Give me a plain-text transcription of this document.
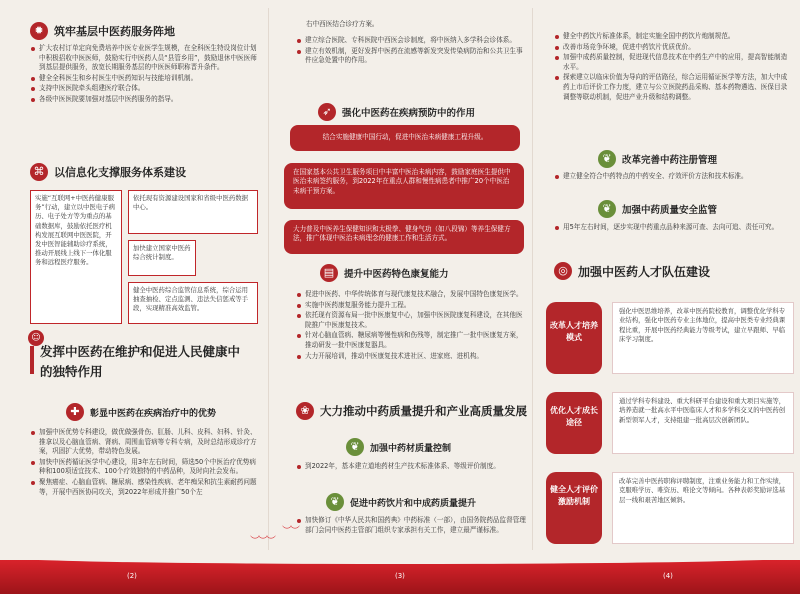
✹ 筑牢基层中医药服务阵地
扩大农村订单定向免费培养中医专业医学生规模，在全科医生特设岗位计划中积极招收中医医师，鼓励实行中医药人员“县管乡用”，鼓励退休中医医师到基层提供服务，放宽长期服务基层的中医医师职称晋升条件。
健全全科医生和乡村医生中医药知识与技能培训机制。
支持中医医院牵头组建医疗联合体。
各级中医医院要加强对基层中医药服务的指导。
⌘ 以信息化支撑服务体系建设
实施“互联网+中医药健康服务”行动，建立以中医电子病历、电子处方等为重点的基础数据库，鼓励依托医疗机构发展互联网中医医院，开发中医智能辅助诊疗系统，推动开展线上线下一体化服务和远程医疗服务。
依托现有资源建设国家和省级中医药数据中心。
加快建立国家中医药综合统计制度。
健全中医药综合监管信息系统，综合运用抽查抽检、定点监测、违法失信惩戒等手段，实现精准高效监管。
☺
发挥中医药在维护和促进人民健康中
的独特作用
✚	彰显中医药在疾病治疗中的优势
加强中医优势专科建设，做优做强骨伤、肛肠、儿科、皮科、妇科、针灸、推拿以及心脑血管病、肾病、周围血管病等专科专病，及时总结形成诊疗方案，巩固扩大优势，带动特色发展。
加快中医药循证医学中心建设，用3年左右时间，筛选50个中医治疗优势病种和100项适宜技术、100个疗效独特的中药品种，及时向社会发布。
聚焦癌症、心脑血管病、糖尿病、感染性疾病、老年痴呆和抗生素耐药问题等，开展中西医协同攻关，到2022年形成并推广50个左

右中西医结合诊疗方案。

建立综合医院、专科医院中西医会诊制度，将中医纳入多学科会诊体系。
建立有效机制，更好发挥中医药在流感等新发突发传染病防治和公共卫生事件应急处置中的作用。
➶	强化中医药在疾病预防中的作用
结合实施健康中国行动，促进中医治未病健康工程升级。
在国家基本公共卫生服务项目中丰富中医治未病内容，鼓励家庭医生提供中医治未病签约服务，到2022年在重点人群和慢性病患者中推广20个中医治未病干预方案。
大力普及中医养生保健知识和太极拳、健身气功（如八段锦）等养生保健方法，推广体现中医治未病理念的健康工作和生活方式。
▤	提升中医药特色康复能力
促进中医药、中华传统体育与现代康复技术融合，发展中国特色康复医学。
实施中医药康复服务能力提升工程。
依托现有资源布局一批中医康复中心，加强中医医院康复科建设，在其他医院推广中医康复技术。
针对心脑血管病、糖尿病等慢性病和伤残等，制定推广一批中医康复方案，推动研发一批中医康复器具。
大力开展培训，推动中医康复技术进社区、进家庭、进机构。
❀ 大力推动中药质量提升和产业高质量发展
❦	加强中药材质量控制
到2022年，基本建立道地药材生产技术标准体系、等级评价制度。
❦	促进中药饮片和中成药质量提升
加快修订《中华人民共和国药典》中药标准（一部），由国务院药品监督管理部门会同中医药主管部门组织专家承担有关工作，建立最严谨标准。
健全中药饮片标准体系，制定实施全国中药饮片炮制规范。
改善市场竞争环境，促进中药饮片优质优价。
加强中成药质量控制，促进现代信息技术在中药生产中的应用，提高智能制造水平。
探索建立以临床价值为导向的评估路径，综合运用循证医学等方法，加大中成药上市后评价工作力度，建立与公立医院药品采购、基本药物遴选、医保目录调整等联动机制，促进产业升级和结构调整。
❦	改革完善中药注册管理
建立健全符合中药特点的中药安全、疗效评价方法和技术标准。
❦	加强中药质量安全监管
用5年左右时间，逐步实现中药重点品种来源可查、去向可追、责任可究。
◎ 加强中医药人才队伍建设
改革人才培养模式
强化中医思维培养，改革中医药院校教育，调整优化学科专业结构，强化中医药专业主体地位，提高中医类专业经典课程比重，开展中医药经典能力等级考试，建立早跟师、早临床学习制度。
优化人才成长途径
通过学科专科建设、重大科研平台建设和重大项目实施等，培养造就一批高水平中医临床人才和多学科交叉的中医药创新型领军人才，支持组建一批高层次创新团队。
健全人才评价激励机制
改革完善中医药职称评聘制度，注重业务能力和工作实绩，克服唯学历、唯资历、唯论文等倾向。各种表彰奖励评选基层一线和艰苦地区倾斜。
︶︶︶
︶︶
(2)	(3)	(4)
